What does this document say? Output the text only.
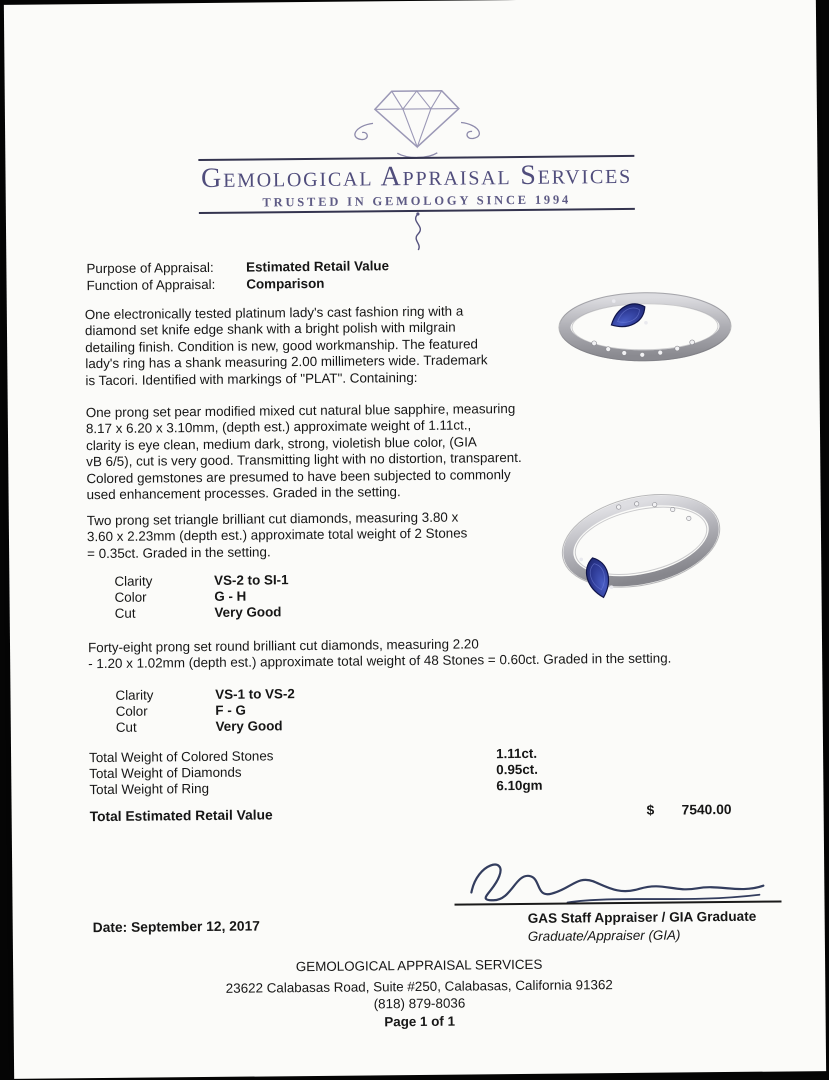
Gemological Appraisal Services
TRUSTED IN GEMOLOGY SINCE 1994
Purpose of Appraisal: Estimated Retail Value
Function of Appraisal: Comparison
One electronically tested platinum lady's cast fashion ring with a
diamond set knife edge shank with a bright polish with milgrain
detailing finish. Condition is new, good workmanship. The featured
lady's ring has a shank measuring 2.00 millimeters wide. Trademark
is Tacori. Identified with markings of "PLAT". Containing:
One prong set pear modified mixed cut natural blue sapphire, measuring
8.17 x 6.20 x 3.10mm, (depth est.) approximate weight of 1.11ct.,
clarity is eye clean, medium dark, strong, violetish blue color, (GIA
vB 6/5), cut is very good. Transmitting light with no distortion, transparent.
Colored gemstones are presumed to have been subjected to commonly
used enhancement processes. Graded in the setting.
Two prong set triangle brilliant cut diamonds, measuring 3.80 x
3.60 x 2.23mm (depth est.) approximate total weight of 2 Stones
= 0.35ct. Graded in the setting.
Clarity	VS-2 to SI-1
Color	G - H
Cut	Very Good
Forty-eight prong set round brilliant cut diamonds, measuring 2.20
- 1.20 x 1.02mm (depth est.) approximate total weight of 48 Stones = 0.60ct. Graded in the setting.
Clarity	VS-1 to VS-2
Color	F - G
Cut	Very Good
Total Weight of Colored Stones	1.11ct.
Total Weight of Diamonds	0.95ct.
Total Weight of Ring	6.10gm
Total Estimated Retail Value	$ 7540.00
Date: September 12, 2017
GAS Staff Appraiser / GIA Graduate
Graduate/Appraiser (GIA)
GEMOLOGICAL APPRAISAL SERVICES
23622 Calabasas Road, Suite #250, Calabasas, California 91362
(818) 879-8036
Page 1 of 1
